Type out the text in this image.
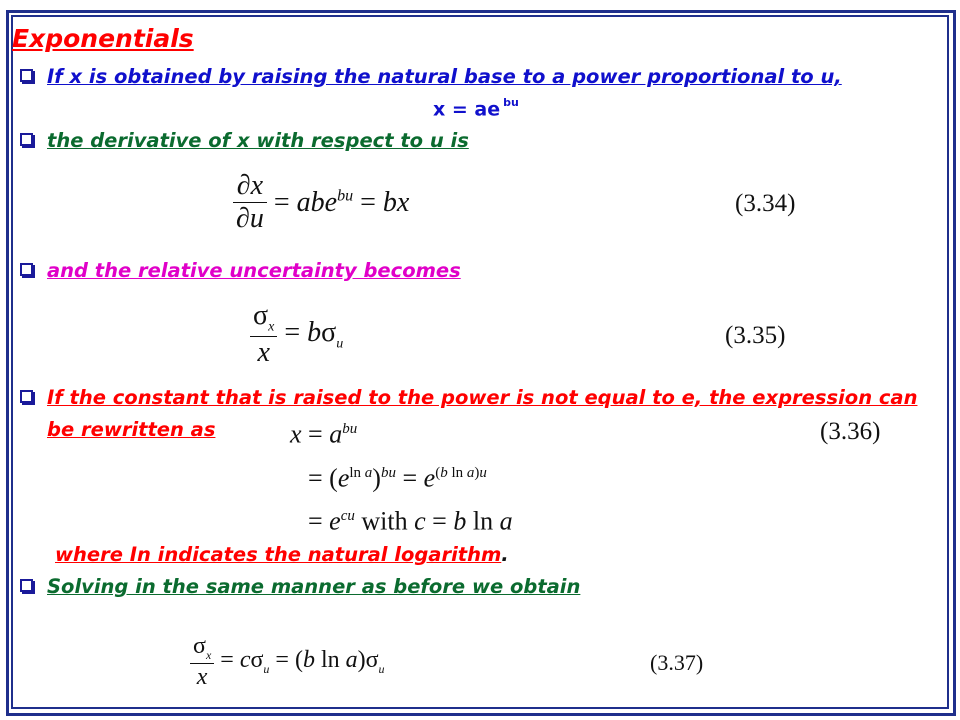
Exponentials
If x is obtained by raising the natural base to a power proportional to u,
x = ae $^{bu}$
the derivative of x with respect to u is
$\frac{\partial x}{\partial u} = abe^{bu}$ = bx	(3.34)
and the relative uncertainty becomes
$\frac{\sigma_x}{x} = b\sigma_u$	(3.35)
If the constant that is raised to the power is not equal to e, the expression can
be rewritten as	$x = a^{bu}$
= $(e^{ln a})^{bu} = e^{(b ln a)u}$
= $e^{cu}$ with c = b ln a
(3.36)
where In indicates the natural logarithm.
Solving in the same manner as before we obtain
$\frac{\sigma_x}{x} = c\sigma_u = (b$ $\ln a)\sigma_u$	(3.37)
